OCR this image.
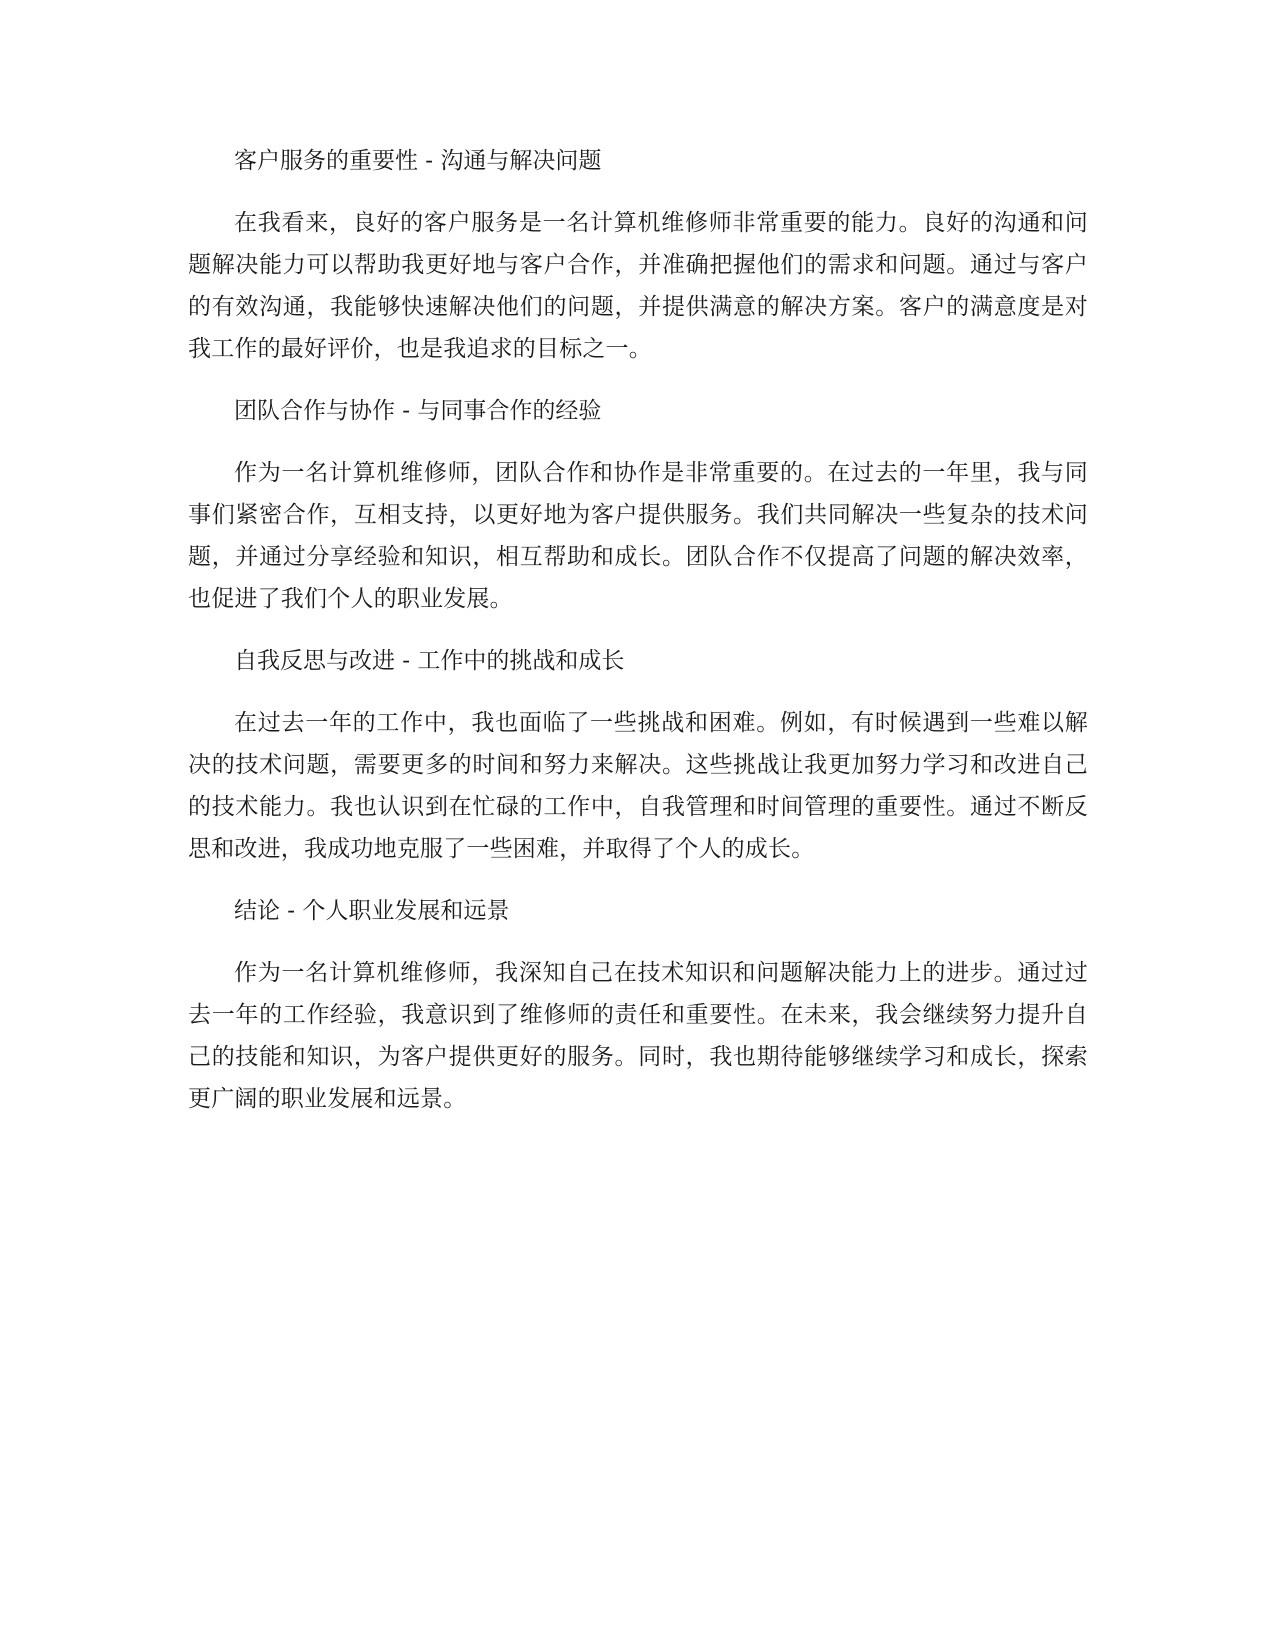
客户服务的重要性 - 沟通与解决问题

在我看来，良好的客户服务是一名计算机维修师非常重要的能力。良好的沟通和问题解决能力可以帮助我更好地与客户合作，并准确把握他们的需求和问题。通过与客户的有效沟通，我能够快速解决他们的问题，并提供满意的解决方案。客户的满意度是对我工作的最好评价，也是我追求的目标之一。

团队合作与协作 - 与同事合作的经验

作为一名计算机维修师，团队合作和协作是非常重要的。在过去的一年里，我与同事们紧密合作，互相支持，以更好地为客户提供服务。我们共同解决一些复杂的技术问题，并通过分享经验和知识，相互帮助和成长。团队合作不仅提高了问题的解决效率，也促进了我们个人的职业发展。

自我反思与改进 - 工作中的挑战和成长

在过去一年的工作中，我也面临了一些挑战和困难。例如，有时候遇到一些难以解决的技术问题，需要更多的时间和努力来解决。这些挑战让我更加努力学习和改进自己的技术能力。我也认识到在忙碌的工作中，自我管理和时间管理的重要性。通过不断反思和改进，我成功地克服了一些困难，并取得了个人的成长。

结论 - 个人职业发展和远景

作为一名计算机维修师，我深知自己在技术知识和问题解决能力上的进步。通过过去一年的工作经验，我意识到了维修师的责任和重要性。在未来，我会继续努力提升自己的技能和知识，为客户提供更好的服务。同时，我也期待能够继续学习和成长，探索更广阔的职业发展和远景。
